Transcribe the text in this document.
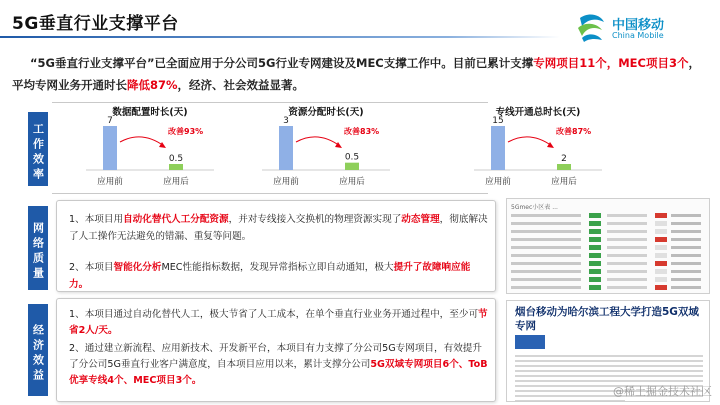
5G垂直行业支撑平台	中国移动
China Mobile
“5G垂直行业支撑平台”已全面应用于分公司5G行业专网建设及MEC支撑工作中。目前已累计支撑专网项目11个，MEC项目3个，平均专网业务开通时长降低87%，经济、社会效益显著。
工作效率
网络质量
经济效益
数据配置时长(天)
改善93%
7
应用前
0.5
应用后
资源分配时长(天)
改善83%
3
应用前
0.5
应用后
专线开通总时长(天)
改善87%
15
应用前
2
应用后

1、本项目用自动化替代人工分配资源，并对专线接入交换机的物理资源实现了动态管理，彻底解决了人工操作无法避免的错漏、重复等问题。

2、本项目智能化分析MEC性能指标数据，发现异常指标立即自动通知，极大提升了故障响应能力。

1、本项目通过自动化替代人工，极大节省了人工成本，在单个垂直行业业务开通过程中，至少可节省2人/天。

2、通过建立新流程、应用新技术、开发新平台，本项目有力支撑了分公司5G专网项目，有效提升了分公司5G垂直行业客户满意度，自本项目应用以来，累计支撑分公司5G双域专网项目6个、ToB优享专线4个、MEC项目3个。

5Gmec小区表 ...
烟台移动为哈尔滨工程大学打造5G双域专网
@稀土掘金技术社区
